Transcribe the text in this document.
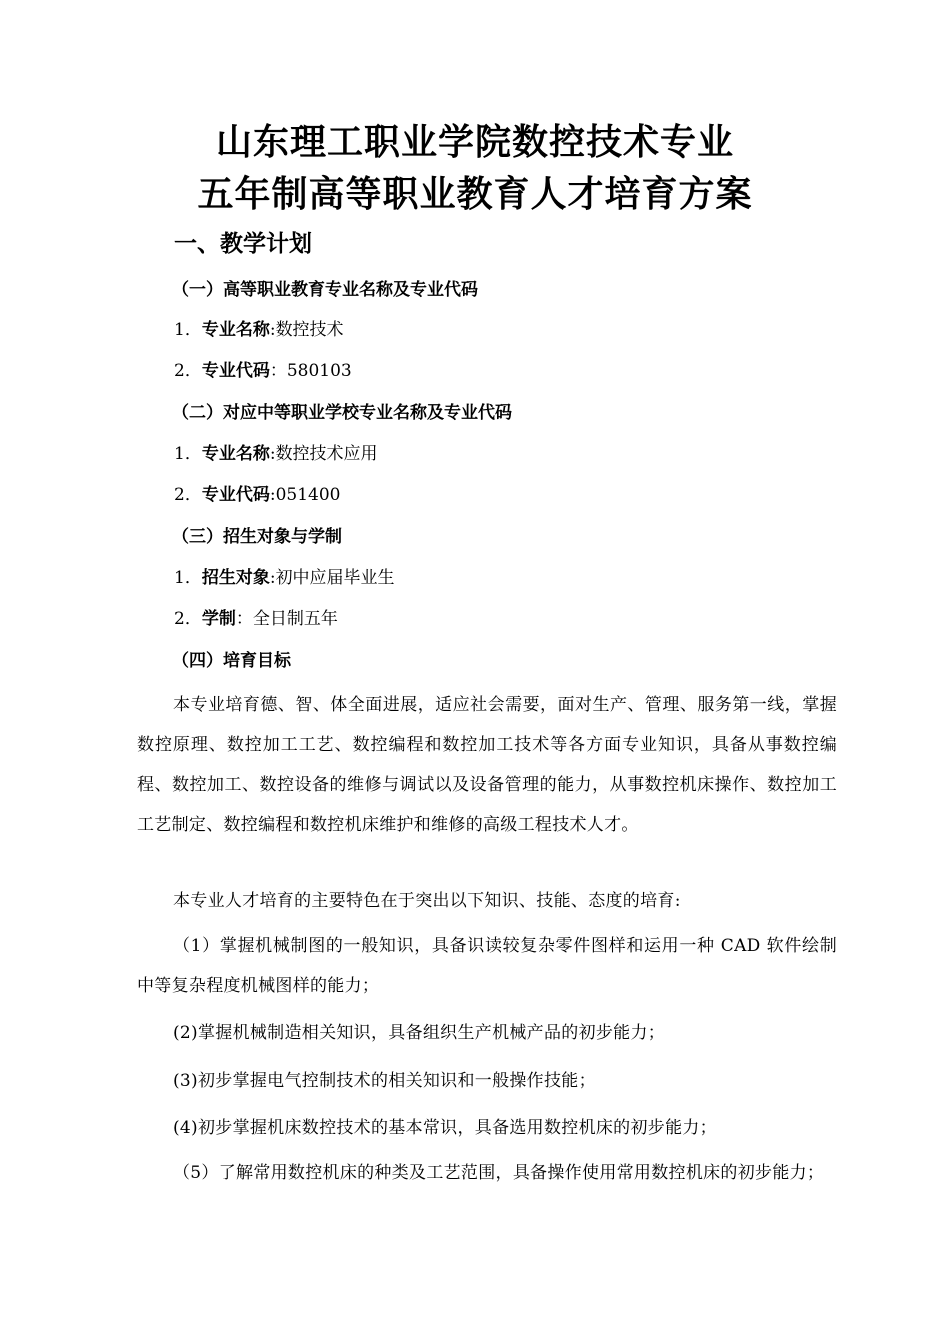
山东理工职业学院数控技术专业
五年制高等职业教育人才培育方案
一、教学计划
（一）高等职业教育专业名称及专业代码
1．专业名称:数控技术
2．专业代码：580103
（二）对应中等职业学校专业名称及专业代码
1．专业名称:数控技术应用
2．专业代码:051400
（三）招生对象与学制
1．招生对象:初中应届毕业生
2．学制：全日制五年
（四）培育目标
本专业培育德、智、体全面进展，适应社会需要，面对生产、管理、服务第一线，掌握数控原理、数控加工工艺、数控编程和数控加工技术等各方面专业知识，具备从事数控编程、数控加工、数控设备的维修与调试以及设备管理的能力，从事数控机床操作、数控加工工艺制定、数控编程和数控机床维护和维修的高级工程技术人才。
本专业人才培育的主要特色在于突出以下知识、技能、态度的培育:
（1）掌握机械制图的一般知识，具备识读较复杂零件图样和运用一种 CAD 软件绘制中等复杂程度机械图样的能力；
(2)掌握机械制造相关知识，具备组织生产机械产品的初步能力；
(3)初步掌握电气控制技术的相关知识和一般操作技能；
(4)初步掌握机床数控技术的基本常识，具备选用数控机床的初步能力；
（5）了解常用数控机床的种类及工艺范围，具备操作使用常用数控机床的初步能力；
